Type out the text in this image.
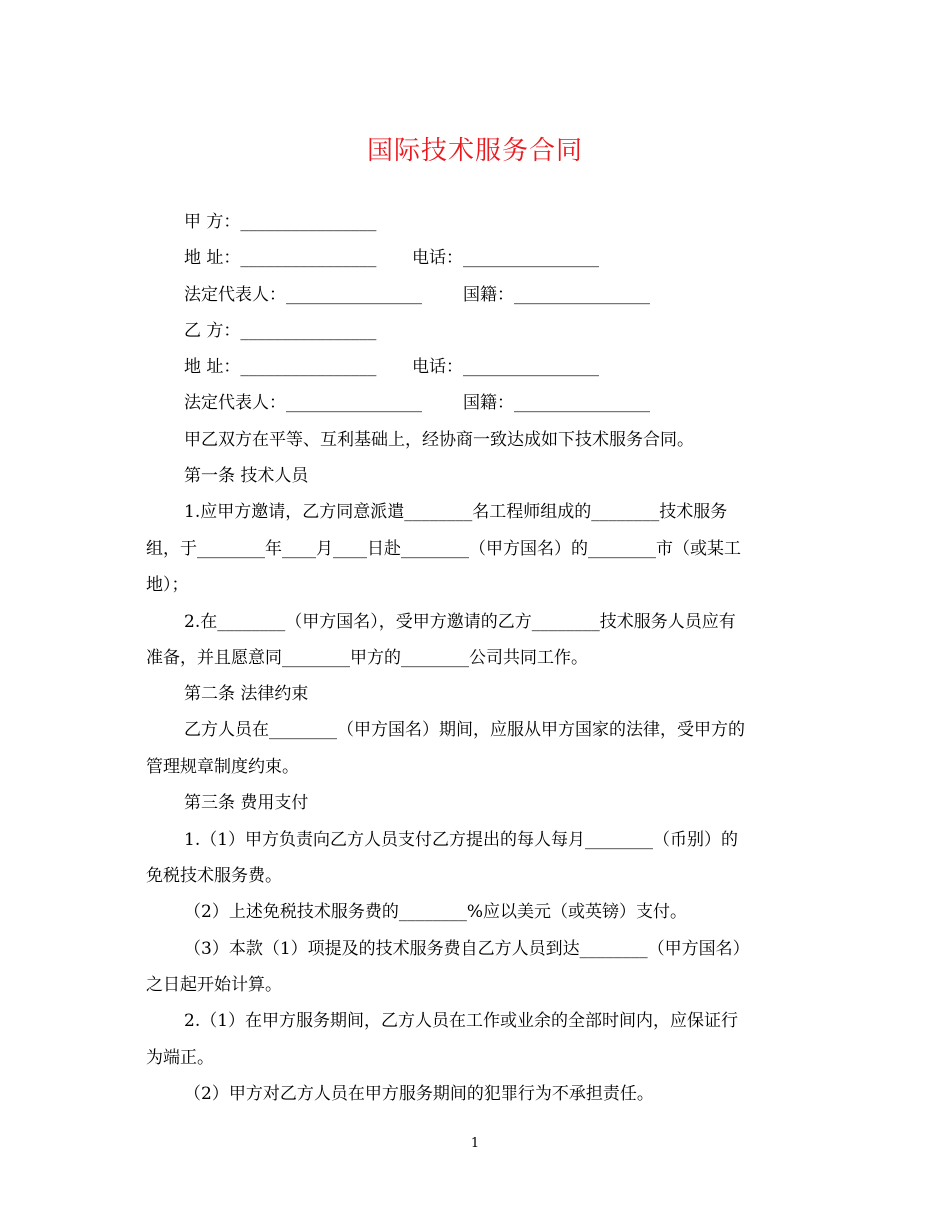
国际技术服务合同
甲 方：________________
地 址：________________ 电话：________________
法定代表人：________________ 国籍：________________
乙 方：________________
地 址：________________ 电话：________________
法定代表人：________________ 国籍：________________
甲乙双方在平等、互利基础上，经协商一致达成如下技术服务合同。
第一条 技术人员
1.应甲方邀请，乙方同意派遣________名工程师组成的________技术服务
组，于________年____月____日赴________（甲方国名）的________市（或某工
地）；
2.在________（甲方国名），受甲方邀请的乙方________技术服务人员应有
准备，并且愿意同________甲方的________公司共同工作。
第二条 法律约束
乙方人员在________（甲方国名）期间，应服从甲方国家的法律，受甲方的
管理规章制度约束。
第三条 费用支付
1.（1）甲方负责向乙方人员支付乙方提出的每人每月________（币别）的
免税技术服务费。
（2）上述免税技术服务费的________%应以美元（或英镑）支付。
（3）本款（1）项提及的技术服务费自乙方人员到达________（甲方国名）
之日起开始计算。
2.（1）在甲方服务期间，乙方人员在工作或业余的全部时间内，应保证行
为端正。
（2）甲方对乙方人员在甲方服务期间的犯罪行为不承担责任。
1
